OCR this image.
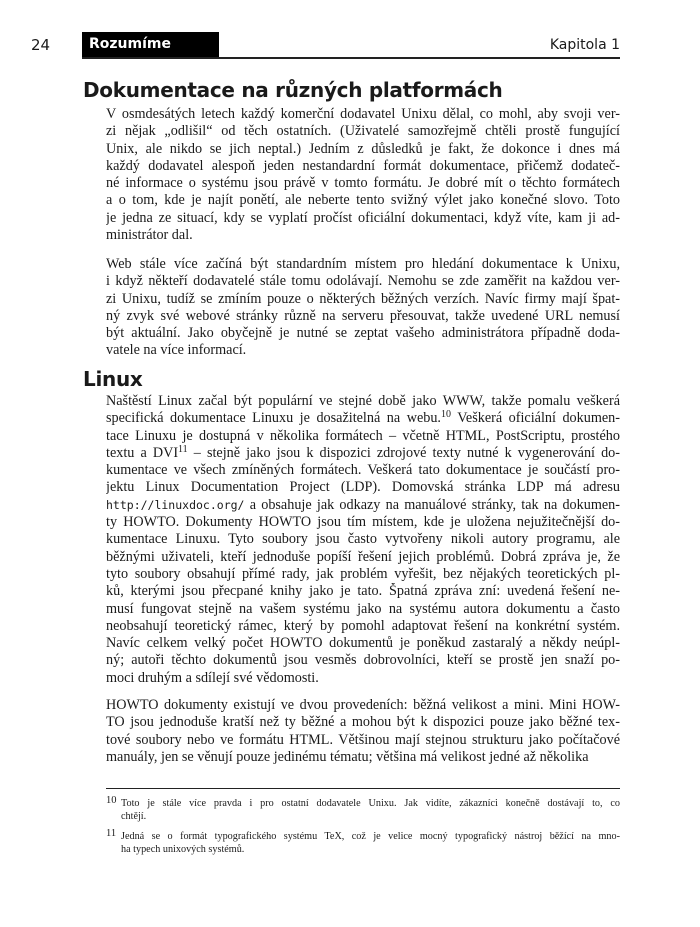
24	Rozumíme UNIXu
Kapitola 1
Dokumentace na různých platformách
V osmdesátých letech každý komerční dodavatel Unixu dělal, co mohl, aby svoji ver-
zi nějak „odlišil“ od těch ostatních. (Uživatelé samozřejmě chtěli prostě fungující
Unix, ale nikdo se jich neptal.) Jedním z důsledků je fakt, že dokonce i dnes má
každý dodavatel alespoň jeden nestandardní formát dokumentace, přičemž dodateč-
né informace o systému jsou právě v tomto formátu. Je dobré mít o těchto formátech
a o tom, kde je najít ponětí, ale neberte tento svižný výlet jako konečné slovo. Toto
je jedna ze situací, kdy se vyplatí pročíst oficiální dokumentaci, když víte, kam ji ad-
ministrátor dal.
Web stále více začíná být standardním místem pro hledání dokumentace k Unixu,
i když někteří dodavatelé stále tomu odolávají. Nemohu se zde zaměřit na každou ver-
zi Unixu, tudíž se zmíním pouze o některých běžných verzích. Navíc firmy mají špat-
ný zvyk své webové stránky různě na serveru přesouvat, takže uvedené URL nemusí
být aktuální. Jako obyčejně je nutné se zeptat vašeho administrátora případně doda-
vatele na více informací.
Linux
Naštěstí Linux začal být populární ve stejné době jako WWW, takže pomalu veškerá
specifická dokumentace Linuxu je dosažitelná na webu.$^{10}$ Veškerá oficiální dokumen-
tace Linuxu je dostupná v několika formátech – včetně HTML, PostScriptu, prostého
textu a DVI$^{11}$ – stejně jako jsou k dispozici zdrojové texty nutné k vygenerování do-
kumentace ve všech zmíněných formátech. Veškerá tato dokumentace je součástí pro-
jektu Linux Documentation Project (LDP). Domovská stránka LDP má adresu
http://linuxdoc.org/ a obsahuje jak odkazy na manuálové stránky, tak na dokumen-
ty HOWTO. Dokumenty HOWTO jsou tím místem, kde je uložena nejužitečnější do-
kumentace Linuxu. Tyto soubory jsou často vytvořeny nikoli autory programu, ale
běžnými uživateli, kteří jednoduše popíší řešení jejich problémů. Dobrá zpráva je, že
tyto soubory obsahují přímé rady, jak problém vyřešit, bez nějakých teoretických pl-
ků, kterými jsou přecpané knihy jako je tato. Špatná zpráva zní: uvedená řešení ne-
musí fungovat stejně na vašem systému jako na systému autora dokumentu a často
neobsahují teoretický rámec, který by pomohl adaptovat řešení na konkrétní systém.
Navíc celkem velký počet HOWTO dokumentů je poněkud zastaralý a někdy neúpl-
ný; autoři těchto dokumentů jsou vesměs dobrovolníci, kteří se prostě jen snaží po-
moci druhým a sdílejí své vědomosti.
HOWTO dokumenty existují ve dvou provedeních: běžná velikost a mini. Mini HOW-
TO jsou jednoduše kratší než ty běžné a mohou být k dispozici pouze jako běžné tex-
tové soubory nebo ve formátu HTML. Většinou mají stejnou strukturu jako počítačové
manuály, jen se věnují pouze jedinému tématu; většina má velikost jedné až několika
10 Toto je stále více pravda i pro ostatní dodavatele Unixu. Jak vidíte, zákazníci konečně dostávají to, co
chtějí.
11 Jedná se o formát typografického systému TeX, což je velice mocný typografický nástroj běžící na mno-
ha typech unixových systémů.
